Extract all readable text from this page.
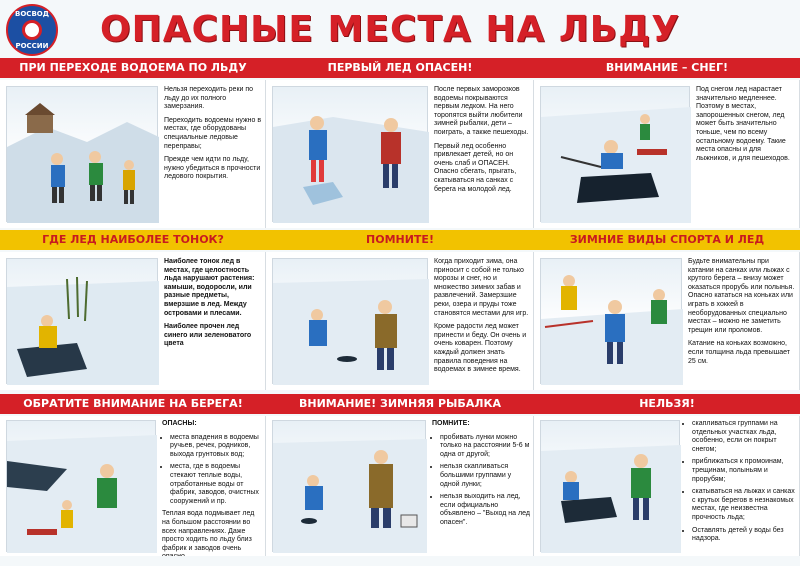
ВОСВОД
РОССИИ	ОПАСНЫЕ МЕСТА НА ЛЬДУ
ПРИ ПЕРЕХОДЕ ВОДОЕМА ПО ЛЬДУ	ПЕРВЫЙ ЛЕД ОПАСЕН!	ВНИМАНИЕ – СНЕГ!

Нельзя переходить реки по льду до их полного замерзания.

Переходить водоемы нужно в местах, где оборудованы специальные ледовые переправы;

Прежде чем идти по льду, нужно убедиться в прочности ледового покрытия.

После первых заморозков водоемы покрываются первым ледком. На него торопятся выйти любители зимней рыбалки, дети – поиграть, а также пешеходы.

Первый лед особенно привлекает детей, но он очень слаб и ОПАСЕН. Опасно сбегать, прыгать, скатываться на санках с берега на молодой лед.

Под снегом лед нарастает значительно медленнее. Поэтому в местах, запорошенных снегом, лед может быть значительно тоньше, чем по всему остальному водоему. Такие места опасны и для лыжников, и для пешеходов.

ГДЕ ЛЕД НАИБОЛЕЕ ТОНОК?	ПОМНИТЕ!	ЗИМНИЕ ВИДЫ СПОРТА И ЛЕД

Наиболее тонок лед в местах, где целостность льда нарушают растения: камыши, водоросли, или разные предметы, вмерзшие в лед. Между островами и плесами.

Наиболее прочен лед синего или зеленоватого цвета

Когда приходит зима, она приносит с собой не только морозы и снег, но и множество зимних забав и развлечений. Замерзшие реки, озера и пруды тоже становятся местами для игр.

Кроме радости лед может принести и беду. Он очень и очень коварен. Поэтому каждый должен знать правила поведения на водоемах в зимнее время.

Будьте внимательны при катании на санках или лыжах с крутого берега – внизу может оказаться прорубь или полынья. Опасно кататься на коньках или играть в хоккей в необорудованных специально местах – можно не заметить трещин или проломов.

Катание на коньках возможно, если толщина льда превышает 25 см.

ОБРАТИТЕ ВНИМАНИЕ НА БЕРЕГА!	ВНИМАНИЕ! ЗИМНЯЯ РЫБАЛКА	НЕЛЬЗЯ!

ОПАСНЫ:

• места впадения в водоемы ручьев, речек, родников, выхода грунтовых вод;
• места, где в водоемы стекают теплые воды, отработанные воды от фабрик, заводов, очистных сооружений и пр.

Теплая вода подмывает лед на большом расстоянии во всех направлениях. Даже просто ходить по льду близ фабрик и заводов очень

ПОМНИТЕ:

• пробивать лунки можно только на расстоянии 5-6 м одна от другой;
• нельзя скапливаться большими группами у одной лунки;
• нельзя выходить на лед, если официально объявлено – "Выход на лед опасен".
• скапливаться группами на отдельных участках льда, особенно, если он покрыт снегом;
• приближаться к промоинам, трещинам, полыньям и прорубям;
• скатываться на лыжах и санках с крутых берегов в незнакомых местах, где неизвестна прочность льда;
• Оставлять детей у воды без надзора.
